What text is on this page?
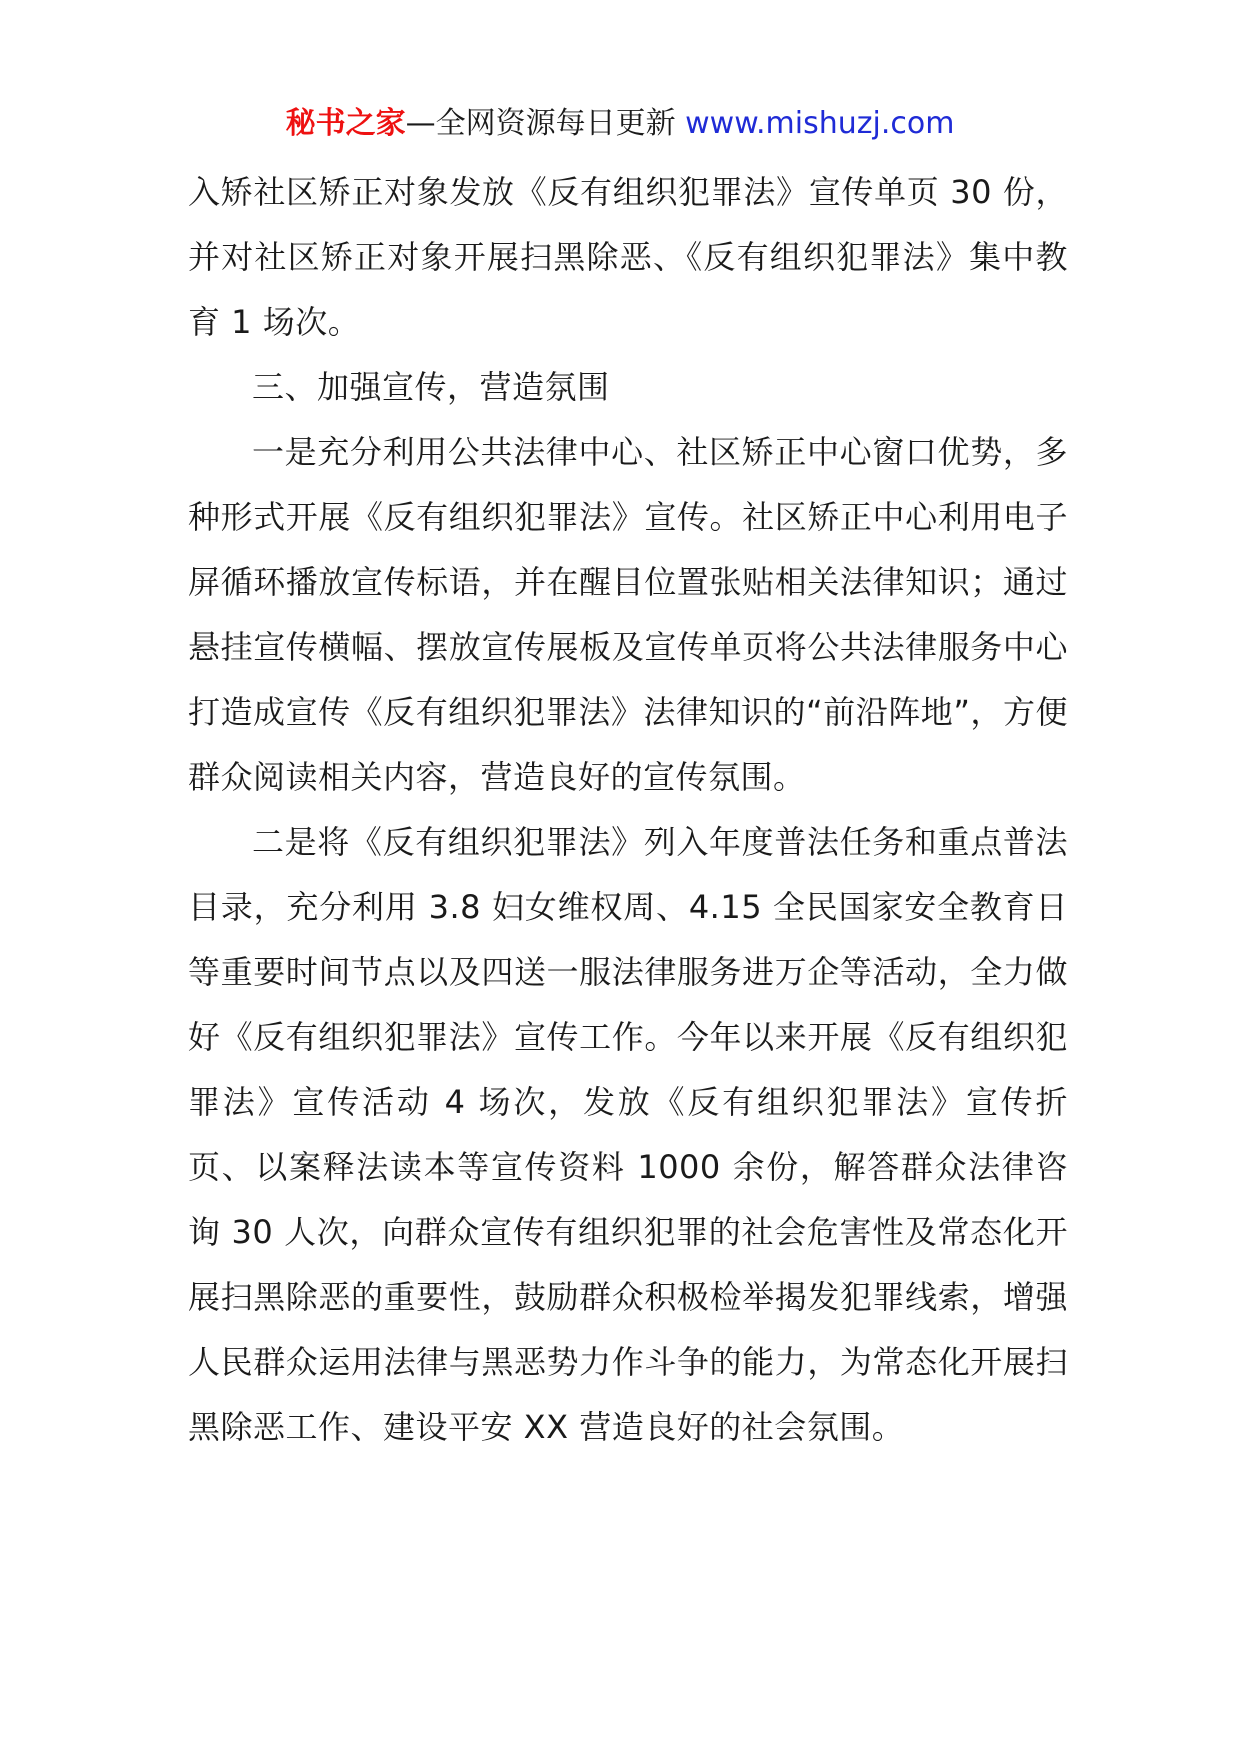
秘书之家—全网资源每日更新 www.mishuzj.com

入矫社区矫正对象发放《反有组织犯罪法》宣传单页 30 份，并对社区矫正对象开展扫黑除恶、《反有组织犯罪法》集中教育 1 场次。

三、加强宣传，营造氛围

一是充分利用公共法律中心、社区矫正中心窗口优势，多种形式开展《反有组织犯罪法》宣传。社区矫正中心利用电子屏循环播放宣传标语，并在醒目位置张贴相关法律知识；通过悬挂宣传横幅、摆放宣传展板及宣传单页将公共法律服务中心打造成宣传《反有组织犯罪法》法律知识的“前沿阵地”，方便群众阅读相关内容，营造良好的宣传氛围。

二是将《反有组织犯罪法》列入年度普法任务和重点普法目录，充分利用 3.8 妇女维权周、4.15 全民国家安全教育日等重要时间节点以及四送一服法律服务进万企等活动，全力做好《反有组织犯罪法》宣传工作。今年以来开展《反有组织犯罪法》宣传活动 4 场次，发放《反有组织犯罪法》宣传折页、以案释法读本等宣传资料 1000 余份，解答群众法律咨询 30 人次，向群众宣传有组织犯罪的社会危害性及常态化开展扫黑除恶的重要性，鼓励群众积极检举揭发犯罪线索，增强人民群众运用法律与黑恶势力作斗争的能力，为常态化开展扫黑除恶工作、建设平安 XX 营造良好的社会氛围。
